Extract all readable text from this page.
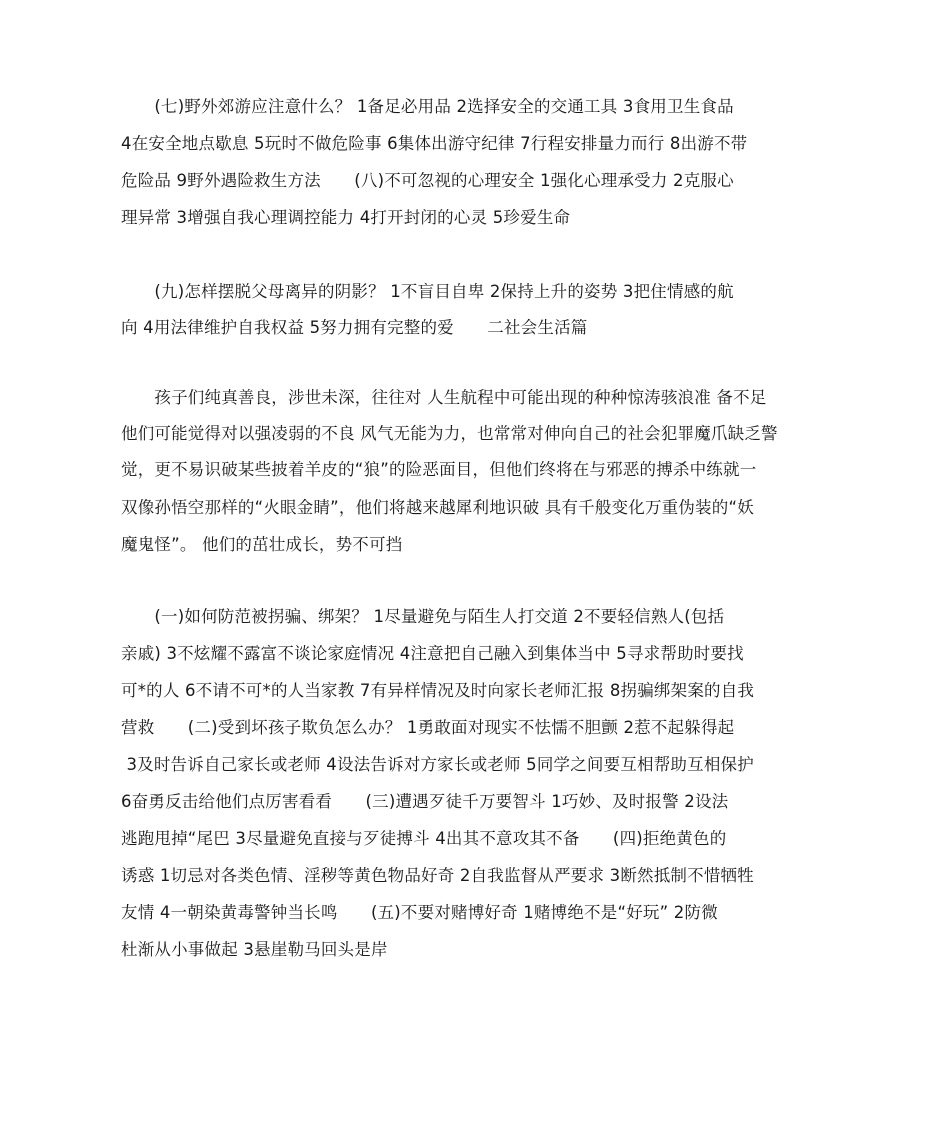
　　(七)野外郊游应注意什么？ 1备足必用品 2选择安全的交通工具 3食用卫生食品
4在安全地点歇息 5玩时不做危险事 6集体出游守纪律 7行程安排量力而行 8出游不带
危险品 9野外遇险救生方法　　(八)不可忽视的心理安全 1强化心理承受力 2克服心
理异常 3增强自我心理调控能力 4打开封闭的心灵 5珍爱生命
　　(九)怎样摆脱父母离异的阴影？ 1不盲目自卑 2保持上升的姿势 3把住情感的航
向 4用法律维护自我权益 5努力拥有完整的爱　　二社会生活篇
　　孩子们纯真善良，涉世未深，往往对 人生航程中可能出现的种种惊涛骇浪准 备不足
他们可能觉得对以强凌弱的不良 风气无能为力，也常常对伸向自己的社会犯罪魔爪缺乏警
觉，更不易识破某些披着羊皮的“狼”的险恶面目，但他们终将在与邪恶的搏杀中练就一
双像孙悟空那样的“火眼金睛”，他们将越来越犀利地识破 具有千般变化万重伪装的“妖
魔鬼怪”。 他们的茁壮成长，势不可挡
　　(一)如何防范被拐骗、绑架？ 1尽量避免与陌生人打交道 2不要轻信熟人(包括
亲戚) 3不炫耀不露富不谈论家庭情况 4注意把自己融入到集体当中 5寻求帮助时要找
可*的人 6不请不可*的人当家教 7有异样情况及时向家长老师汇报 8拐骗绑架案的自我
营救　　(二)受到坏孩子欺负怎么办？ 1勇敢面对现实不怯懦不胆颤 2惹不起躲得起
3及时告诉自己家长或老师 4设法告诉对方家长或老师 5同学之间要互相帮助互相保护
6奋勇反击给他们点厉害看看　　(三)遭遇歹徒千万要智斗 1巧妙、及时报警 2设法
逃跑甩掉“尾巴 3尽量避免直接与歹徒搏斗 4出其不意攻其不备　　(四)拒绝黄色的
诱惑 1切忌对各类色情、淫秽等黄色物品好奇 2自我监督从严要求 3断然抵制不惜牺牲
友情 4一朝染黄毒警钟当长鸣　　(五)不要对赌博好奇 1赌博绝不是“好玩” 2防微
杜渐从小事做起 3悬崖勒马回头是岸
